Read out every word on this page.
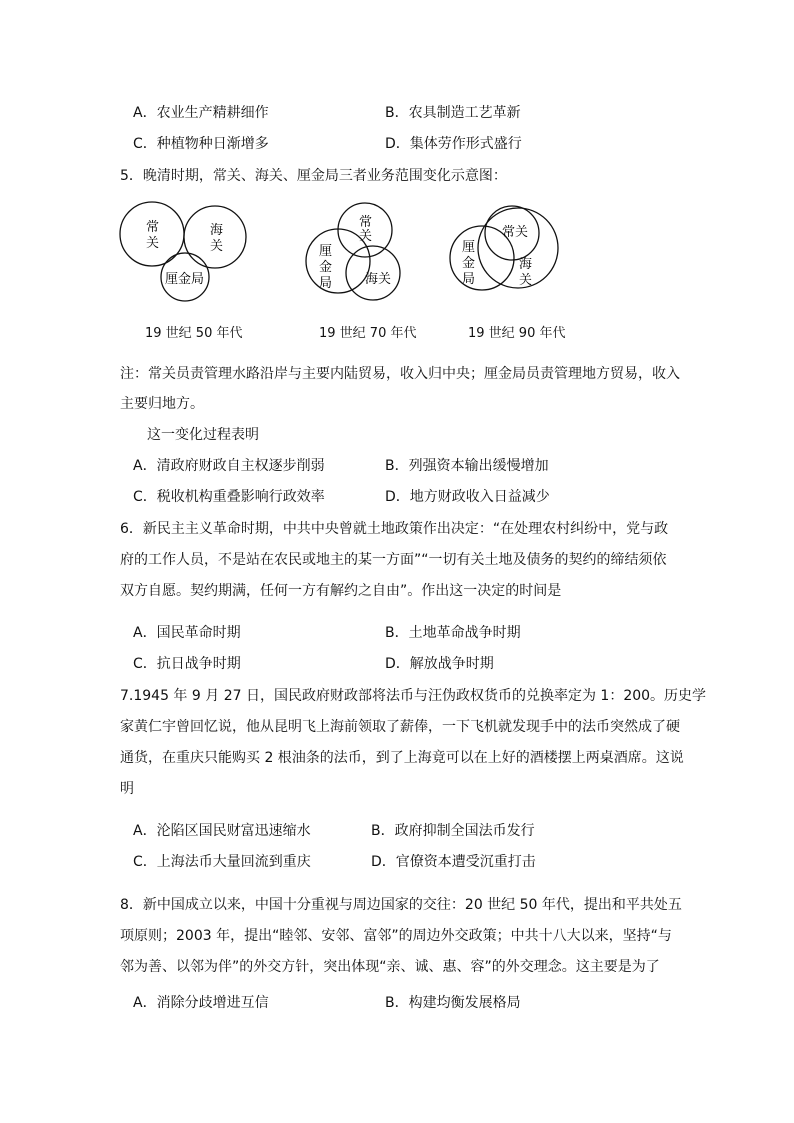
A．农业生产精耕细作	B．农具制造工艺革新
C．种植物种日渐增多	D．集体劳作形式盛行
5．晚清时期，常关、海关、厘金局三者业务范围变化示意图：
常
关
海
关
厘金局
常
关
厘
金
局	海关
常关
厘
金
局
海
关
19 世纪 50 年代	19 世纪 70 年代	19 世纪 90 年代
注：常关员责管理水路沿岸与主要内陆贸易，收入归中央；厘金局员责管理地方贸易，收入
主要归地方。
这一变化过程表明
A．清政府财政自主权逐步削弱	B．列强资本输出缓慢增加
C．税收机构重叠影响行政效率	D．地方财政收入日益减少
6．新民主主义革命时期，中共中央曾就土地政策作出决定：“在处理农村纠纷中，党与政
府的工作人员，不是站在农民或地主的某一方面”“一切有关土地及债务的契约的缔结须依
双方自愿。契约期满，任何一方有解约之自由”。作出这一决定的时间是
A．国民革命时期	B．土地革命战争时期
C．抗日战争时期	D．解放战争时期
7.1945 年 9 月 27 日，国民政府财政部将法币与汪伪政权货币的兑换率定为 1：200。历史学
家黄仁宇曾回忆说，他从昆明飞上海前领取了薪俸，一下飞机就发现手中的法币突然成了硬
通货，在重庆只能购买 2 根油条的法币，到了上海竟可以在上好的酒楼摆上两桌酒席。这说
明
A．沦陷区国民财富迅速缩水	B．政府抑制全国法币发行
C．上海法币大量回流到重庆	D．官僚资本遭受沉重打击
8．新中国成立以来，中国十分重视与周边国家的交往：20 世纪 50 年代，提出和平共处五
项原则；2003 年，提出“睦邻、安邻、富邻”的周边外交政策；中共十八大以来，坚持“与
邻为善、以邻为伴”的外交方针，突出体现“亲、诚、惠、容”的外交理念。这主要是为了
A．消除分歧增进互信	B．构建均衡发展格局
